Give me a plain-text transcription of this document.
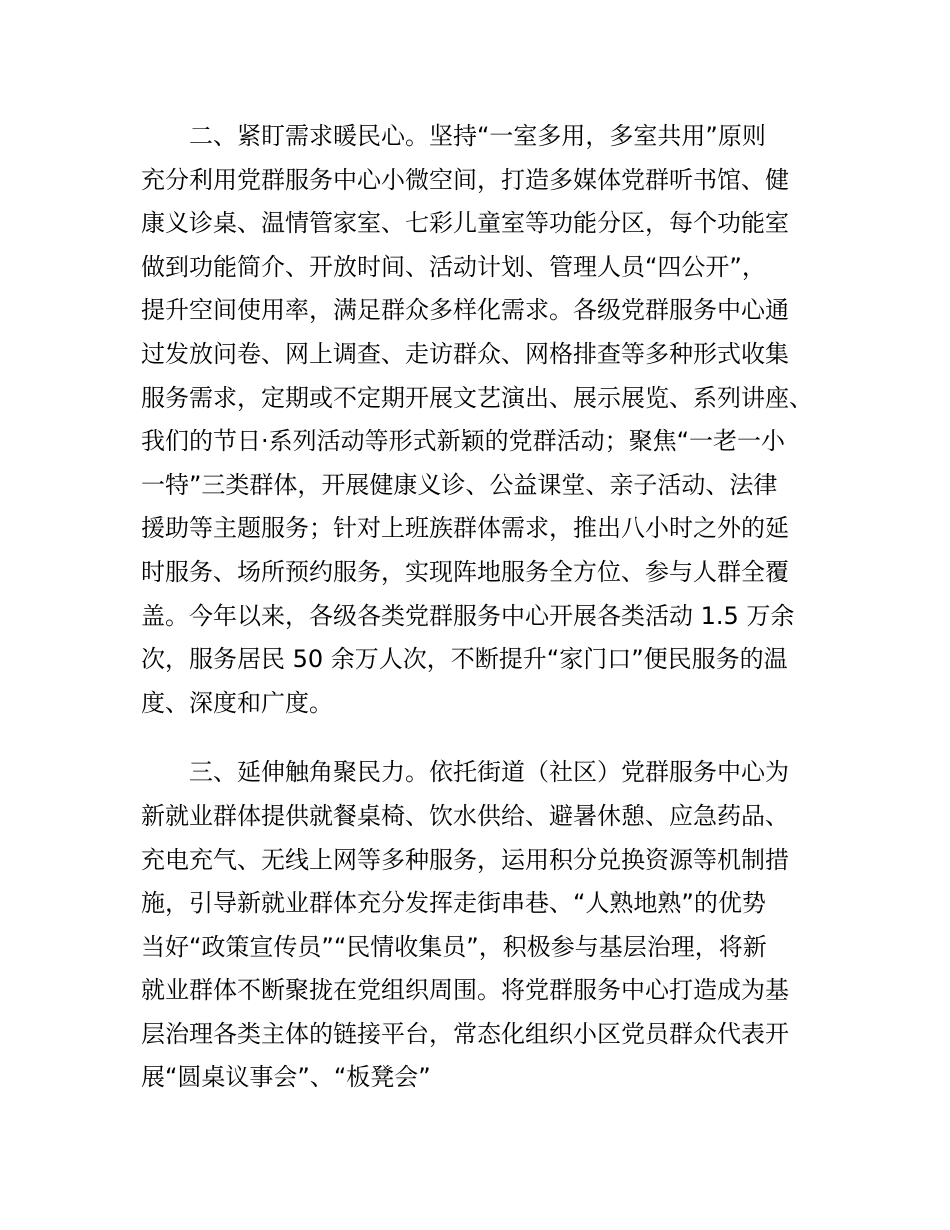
　　二、紧盯需求暖民心。坚持“一室多用，多室共用”原则
充分利用党群服务中心小微空间，打造多媒体党群听书馆、健
康义诊桌、温情管家室、七彩儿童室等功能分区，每个功能室
做到功能简介、开放时间、活动计划、管理人员“四公开”，
提升空间使用率，满足群众多样化需求。各级党群服务中心通
过发放问卷、网上调查、走访群众、网格排查等多种形式收集
服务需求，定期或不定期开展文艺演出、展示展览、系列讲座、
我们的节日·系列活动等形式新颖的党群活动；聚焦“一老一小
一特”三类群体，开展健康义诊、公益课堂、亲子活动、法律
援助等主题服务；针对上班族群体需求，推出八小时之外的延
时服务、场所预约服务，实现阵地服务全方位、参与人群全覆
盖。今年以来，各级各类党群服务中心开展各类活动 1.5 万余
次，服务居民 50 余万人次，不断提升“家门口”便民服务的温
度、深度和广度。
　　三、延伸触角聚民力。依托街道（社区）党群服务中心为
新就业群体提供就餐桌椅、饮水供给、避暑休憩、应急药品、
充电充气、无线上网等多种服务，运用积分兑换资源等机制措
施，引导新就业群体充分发挥走街串巷、“人熟地熟”的优势
当好“政策宣传员”“民情收集员”，积极参与基层治理，将新
就业群体不断聚拢在党组织周围。将党群服务中心打造成为基
层治理各类主体的链接平台，常态化组织小区党员群众代表开
展“圆桌议事会”、“板凳会”
